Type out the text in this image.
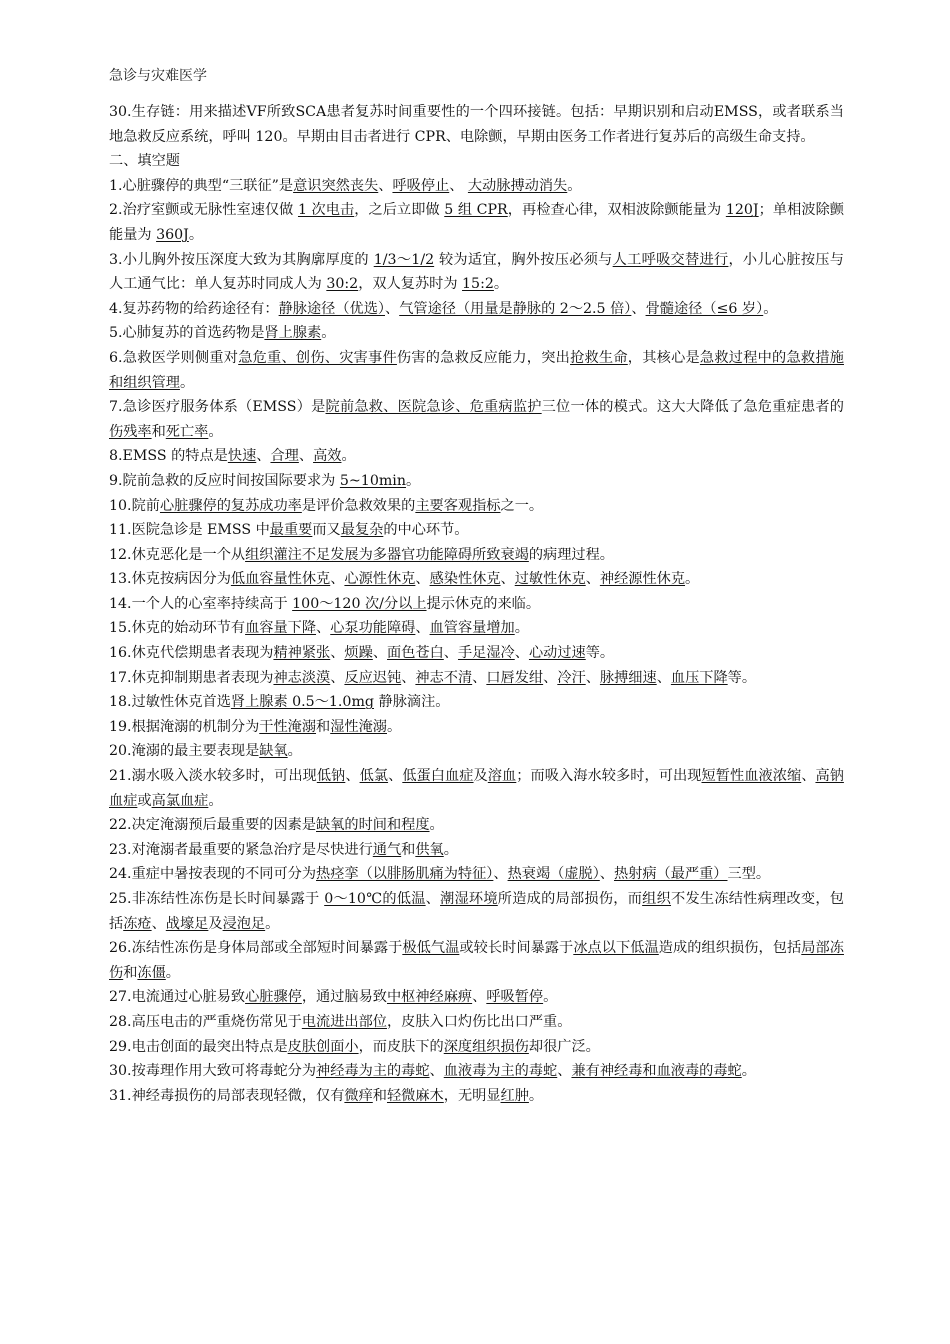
急诊与灾难医学

30.生存链：用来描述VF所致SCA患者复苏时间重要性的一个四环接链。包括：早期识别和启动EMSS，或者联系当地急救反应系统，呼叫 120。早期由目击者进行 CPR、电除颤，早期由医务工作者进行复苏后的高级生命支持。

二、填空题

1.心脏骤停的典型“三联征”是意识突然丧失、呼吸停止、 大动脉搏动消失。

2.治疗室颤或无脉性室速仅做 1 次电击，之后立即做 5 组 CPR，再检查心律，双相波除颤能量为 120J；单相波除颤能量为 360J。

3.小儿胸外按压深度大致为其胸廓厚度的 1/3～1/2 较为适宜，胸外按压必须与人工呼吸交替进行，小儿心脏按压与人工通气比：单人复苏时同成人为 30:2，双人复苏时为 15:2。

4.复苏药物的给药途径有：静脉途径（优选）、气管途径（用量是静脉的 2～2.5 倍）、骨髓途径（≤6 岁）。

5.心肺复苏的首选药物是肾上腺素。

6.急救医学则侧重对急危重、创伤、灾害事件伤害的急救反应能力，突出抢救生命，其核心是急救过程中的急救措施和组织管理。

7.急诊医疗服务体系（EMSS）是院前急救、医院急诊、危重病监护三位一体的模式。这大大降低了急危重症患者的伤残率和死亡率。

8.EMSS 的特点是快速、合理、高效。

9.院前急救的反应时间按国际要求为 5~10min。

10.院前心脏骤停的复苏成功率是评价急救效果的主要客观指标之一。

11.医院急诊是 EMSS 中最重要而又最复杂的中心环节。

12.休克恶化是一个从组织灌注不足发展为多器官功能障碍所致衰竭的病理过程。

13.休克按病因分为低血容量性休克、心源性休克、感染性休克、过敏性休克、神经源性休克。

14.一个人的心室率持续高于 100～120 次/分以上提示休克的来临。

15.休克的始动环节有血容量下降、心泵功能障碍、血管容量增加。

16.休克代偿期患者表现为精神紧张、烦躁、面色苍白、手足湿冷、心动过速等。

17.休克抑制期患者表现为神志淡漠、反应迟钝、神志不清、口唇发绀、冷汗、脉搏细速、血压下降等。

18.过敏性休克首选肾上腺素 0.5～1.0mg 静脉滴注。

19.根据淹溺的机制分为干性淹溺和湿性淹溺。

20.淹溺的最主要表现是缺氧。

21.溺水吸入淡水较多时，可出现低钠、低氯、低蛋白血症及溶血；而吸入海水较多时，可出现短暂性血液浓缩、高钠血症或高氯血症。

22.决定淹溺预后最重要的因素是缺氧的时间和程度。

23.对淹溺者最重要的紧急治疗是尽快进行通气和供氧。

24.重症中暑按表现的不同可分为热痉挛（以腓肠肌痛为特征）、热衰竭（虚脱）、热射病（最严重）三型。

25.非冻结性冻伤是长时间暴露于 0～10℃的低温、潮湿环境所造成的局部损伤，而组织不发生冻结性病理改变，包括冻疮、战壕足及浸泡足。

26.冻结性冻伤是身体局部或全部短时间暴露于极低气温或较长时间暴露于冰点以下低温造成的组织损伤，包括局部冻伤和冻僵。

27.电流通过心脏易致心脏骤停，通过脑易致中枢神经麻痹、呼吸暂停。

28.高压电击的严重烧伤常见于电流进出部位，皮肤入口灼伤比出口严重。

29.电击创面的最突出特点是皮肤创面小，而皮肤下的深度组织损伤却很广泛。

30.按毒理作用大致可将毒蛇分为神经毒为主的毒蛇、血液毒为主的毒蛇、兼有神经毒和血液毒的毒蛇。

31.神经毒损伤的局部表现轻微，仅有微痒和轻微麻木，无明显红肿。
